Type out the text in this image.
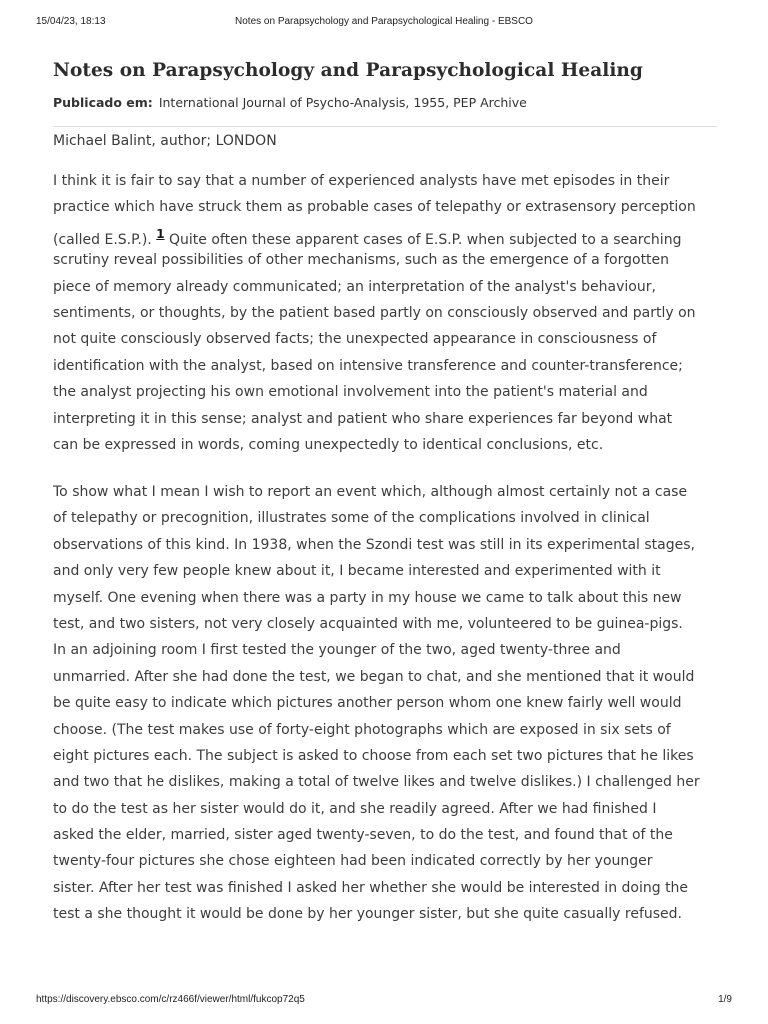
15/04/23, 18:13	Notes on Parapsychology and Parapsychological Healing - EBSCO
Notes on Parapsychology and Parapsychological Healing
Publicado em: International Journal of Psycho-Analysis, 1955, PEP Archive
Michael Balint, author; LONDON

I think it is fair to say that a number of experienced analysts have met episodes in their
practice which have struck them as probable cases of telepathy or extrasensory perception
(called E.S.P.). 1 Quite often these apparent cases of E.S.P. when subjected to a searching
scrutiny reveal possibilities of other mechanisms, such as the emergence of a forgotten
piece of memory already communicated; an interpretation of the analyst's behaviour,
sentiments, or thoughts, by the patient based partly on consciously observed and partly on
not quite consciously observed facts; the unexpected appearance in consciousness of
identification with the analyst, based on intensive transference and counter-transference;
the analyst projecting his own emotional involvement into the patient's material and
interpreting it in this sense; analyst and patient who share experiences far beyond what
can be expressed in words, coming unexpectedly to identical conclusions, etc.

To show what I mean I wish to report an event which, although almost certainly not a case
of telepathy or precognition, illustrates some of the complications involved in clinical
observations of this kind. In 1938, when the Szondi test was still in its experimental stages,
and only very few people knew about it, I became interested and experimented with it
myself. One evening when there was a party in my house we came to talk about this new
test, and two sisters, not very closely acquainted with me, volunteered to be guinea-pigs.
In an adjoining room I first tested the younger of the two, aged twenty-three and
unmarried. After she had done the test, we began to chat, and she mentioned that it would
be quite easy to indicate which pictures another person whom one knew fairly well would
choose. (The test makes use of forty-eight photographs which are exposed in six sets of
eight pictures each. The subject is asked to choose from each set two pictures that he likes
and two that he dislikes, making a total of twelve likes and twelve dislikes.) I challenged her
to do the test as her sister would do it, and she readily agreed. After we had finished I
asked the elder, married, sister aged twenty-seven, to do the test, and found that of the
twenty-four pictures she chose eighteen had been indicated correctly by her younger
sister. After her test was finished I asked her whether she would be interested in doing the
test a she thought it would be done by her younger sister, but she quite casually refused.

https://discovery.ebsco.com/c/rz466f/viewer/html/fukcop72q5	1/9
